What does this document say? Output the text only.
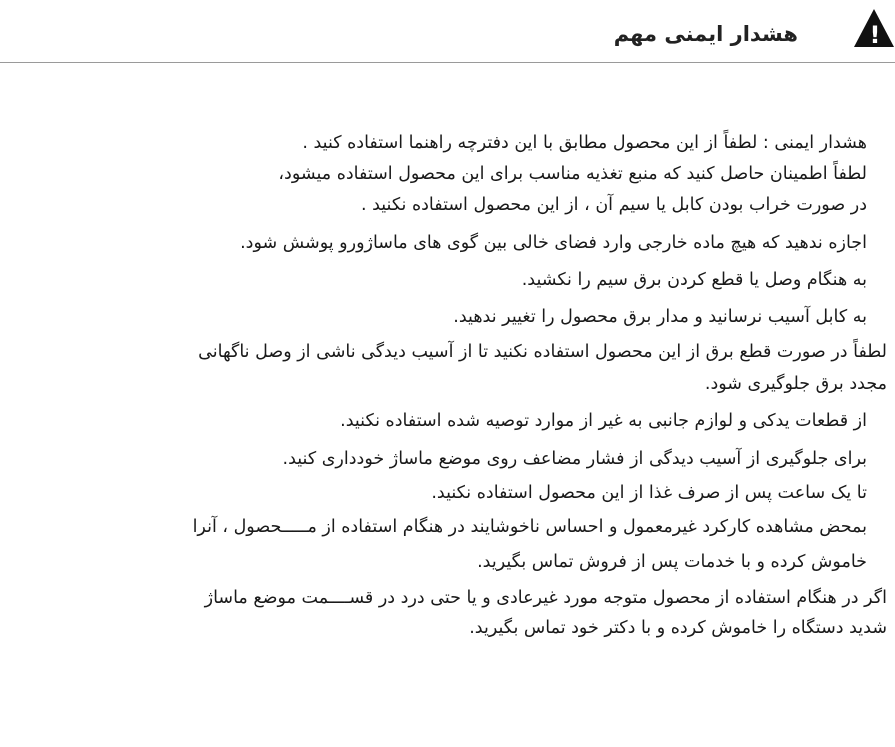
!
هشدار ایمنی مهم
هشدار ایمنی : لطفاً از این محصول مطابق با این دفترچه راهنما استفاده کنید .
لطفاً اطمینان حاصل کنید که منبع تغذیه مناسب برای این محصول استفاده میشود،
در صورت خراب بودن کابل یا سیم آن ، از این محصول استفاده نکنید .
اجازه ندهید که هیچ ماده خارجی وارد فضای خالی بین گوی های ماساژورو پوشش شود.
به هنگام وصل یا قطع کردن برق سیم را نکشید.
به کابل آسیب نرسانید و مدار برق محصول را تغییر ندهید.
لطفاً در صورت قطع برق از این محصول استفاده نکنید تا از آسیب دیدگی ناشی از وصل ناگهانی
مجدد برق جلوگیری شود.
از قطعات یدکی و لوازم جانبی به غیر از موارد توصیه شده استفاده نکنید.
برای جلوگیری از آسیب دیدگی از فشار مضاعف روی موضع ماساژ خودداری کنید.
تا یک ساعت پس از صرف غذا از این محصول استفاده نکنید.
بمحض مشاهده کارکرد غیرمعمول و احساس ناخوشایند در هنگام استفاده از مـــــحصول ، آنرا
خاموش کرده و با خدمات پس از فروش تماس بگیرید.
اگر در هنگام استفاده از محصول متوجه مورد غیرعادی و یا حتی درد در قســــمت موضع ماساژ
شدید دستگاه را خاموش کرده و با دکتر خود تماس بگیرید.
